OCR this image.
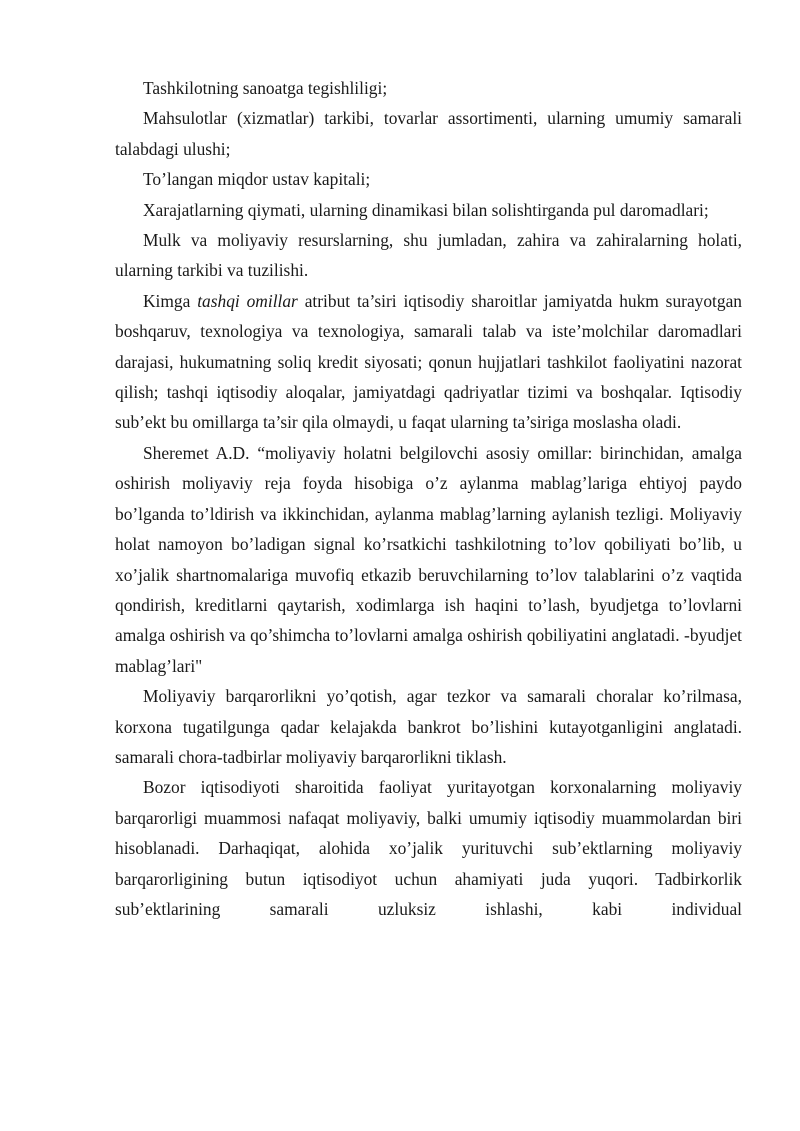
Tashkilotning sanoatga tegishliligi;

Mahsulotlar (xizmatlar) tarkibi, tovarlar assortimenti, ularning umumiy samarali talabdagi ulushi;

To’langan miqdor ustav kapitali;

Xarajatlarning qiymati, ularning dinamikasi bilan solishtirganda pul daromadlari;

Mulk va moliyaviy resurslarning, shu jumladan, zahira va zahiralarning holati, ularning tarkibi va tuzilishi.

Kimga tashqi omillar atribut ta’siri iqtisodiy sharoitlar jamiyatda hukm surayotgan boshqaruv, texnologiya va texnologiya, samarali talab va iste’molchilar daromadlari darajasi, hukumatning soliq kredit siyosati; qonun hujjatlari tashkilot faoliyatini nazorat qilish; tashqi iqtisodiy aloqalar, jamiyatdagi qadriyatlar tizimi va boshqalar. Iqtisodiy sub’ekt bu omillarga ta’sir qila olmaydi, u faqat ularning ta’siriga moslasha oladi.

Sheremet A.D. “moliyaviy holatni belgilovchi asosiy omillar: birinchidan, amalga oshirish moliyaviy reja foyda hisobiga o’z aylanma mablag’lariga ehtiyoj paydo bo’lganda to’ldirish va ikkinchidan, aylanma mablag’larning aylanish tezligi. Moliyaviy holat namoyon bo’ladigan signal ko’rsatkichi tashkilotning to’lov qobiliyati bo’lib, u xo’jalik shartnomalariga muvofiq etkazib beruvchilarning to’lov talablarini o’z vaqtida qondirish, kreditlarni qaytarish, xodimlarga ish haqini to’lash, byudjetga to’lovlarni amalga oshirish va qo’shimcha to’lovlarni amalga oshirish qobiliyatini anglatadi. -byudjet mablag’lari"

Moliyaviy barqarorlikni yo’qotish, agar tezkor va samarali choralar ko’rilmasa, korxona tugatilgunga qadar kelajakda bankrot bo’lishini kutayotganligini anglatadi. samarali chora-tadbirlar moliyaviy barqarorlikni tiklash.

Bozor iqtisodiyoti sharoitida faoliyat yuritayotgan korxonalarning moliyaviy barqarorligi muammosi nafaqat moliyaviy, balki umumiy iqtisodiy muammolardan biri hisoblanadi. Darhaqiqat, alohida xo’jalik yurituvchi sub’ektlarning moliyaviy barqarorligining butun iqtisodiyot uchun ahamiyati juda yuqori. Tadbirkorlik sub’ektlarining samarali uzluksiz ishlashi, kabi individual
